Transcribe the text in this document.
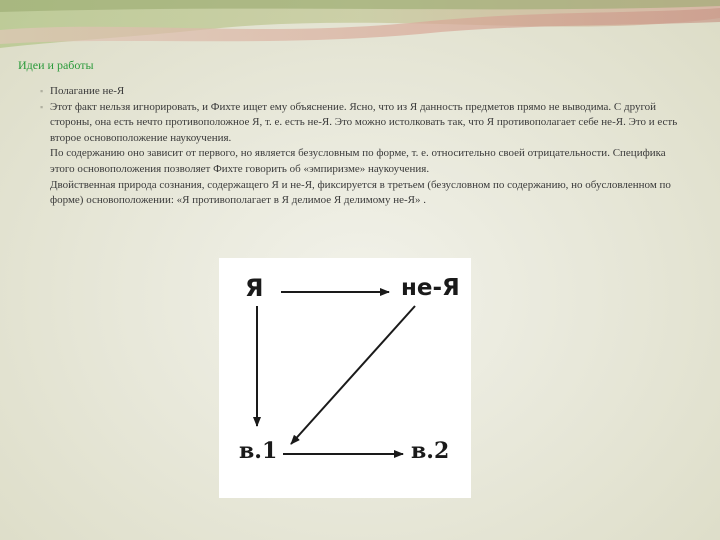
Идеи и работы
▪ Полагание не-Я
▪ Этот факт нельзя игнорировать, и Фихте ищет ему объяснение. Ясно, что из Я данность предметов прямо не выводима. С другой стороны, она есть нечто противоположное Я, т. е. есть не-Я. Это можно истолковать так, что Я противополагает себе не-Я. Это и есть второе основоположение наукоучения.
По содержанию оно зависит от первого, но является безусловным по форме, т. е. относительно своей отрицательности. Специфика этого основоположения позволяет Фихте говорить об «эмпиризме» наукоучения.
Двойственная природа сознания, содержащего Я и не-Я, фиксируется в третьем (безусловном по содержанию, но обусловленном по форме) основоположении: «Я противополагает в Я делимое Я делимому не-Я» .
Я	не-Я
в.1	в.2
